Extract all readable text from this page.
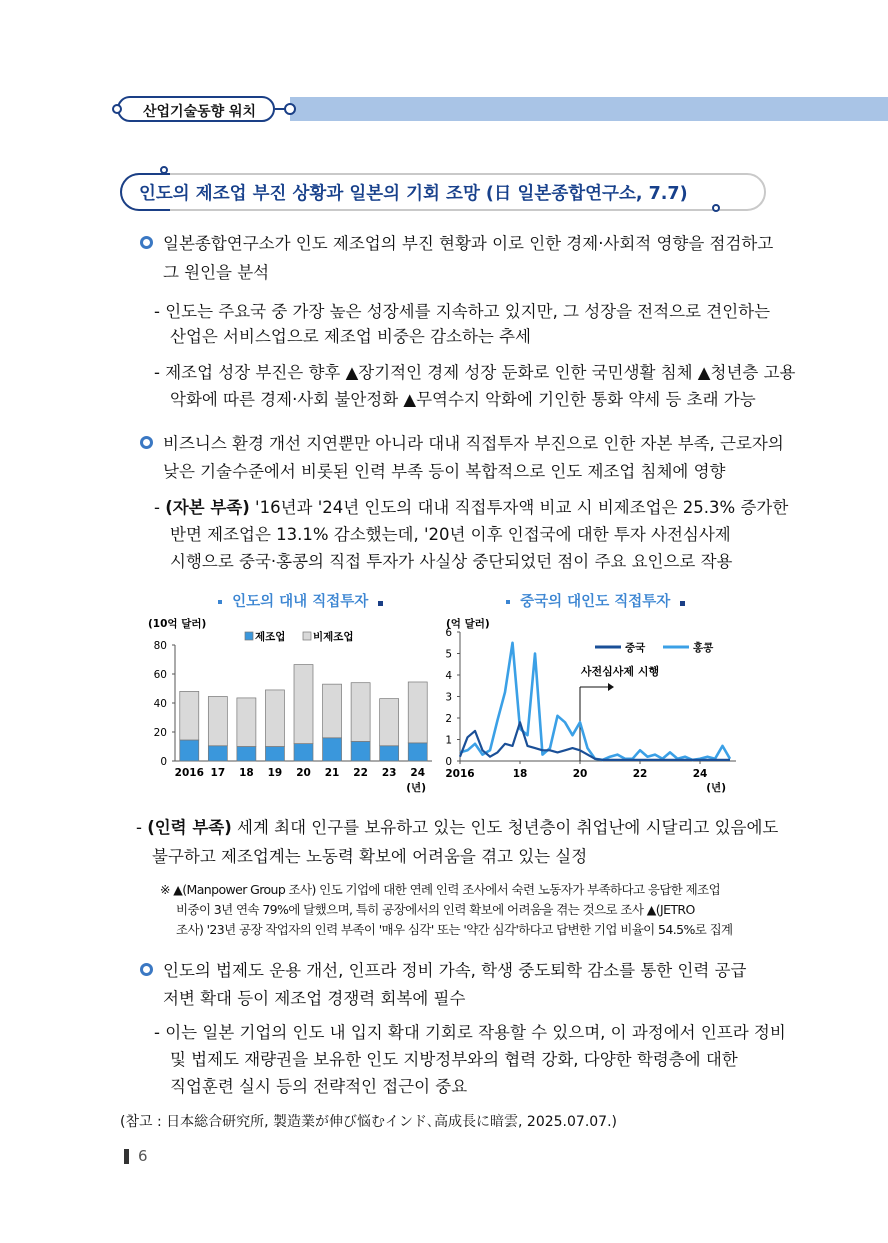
산업기술동향 워치
인도의 제조업 부진 상황과 일본의 기회 조망 (日 일본종합연구소, 7.7)
일본종합연구소가 인도 제조업의 부진 현황과 이로 인한 경제·사회적 영향을 점검하고
그 원인을 분석
- 인도는 주요국 중 가장 높은 성장세를 지속하고 있지만, 그 성장을 전적으로 견인하는
산업은 서비스업으로 제조업 비중은 감소하는 추세
- 제조업 성장 부진은 향후 ▲장기적인 경제 성장 둔화로 인한 국민생활 침체 ▲청년층 고용
악화에 따른 경제·사회 불안정화 ▲무역수지 악화에 기인한 통화 약세 등 초래 가능
비즈니스 환경 개선 지연뿐만 아니라 대내 직접투자 부진으로 인한 자본 부족, 근로자의
낮은 기술수준에서 비롯된 인력 부족 등이 복합적으로 인도 제조업 침체에 영향
- (자본 부족) '16년과 '24년 인도의 대내 직접투자액 비교 시 비제조업은 25.3% 증가한
반면 제조업은 13.1% 감소했는데, '20년 이후 인접국에 대한 투자 사전심사제
시행으로 중국·홍콩의 직접 투자가 사실상 중단되었던 점이 주요 요인으로 작용
인도의 대내 직접투자	중국의 대인도 직접투자
(10억 달러)
0
20
40
60
80
2016 17 18 19 20 21 22 23 24
(년)
제조업	비제조업
(억 달러)
0
1
2
3
4
5
6
2016	18	20	22	24
(년)
사전심사제 시행
중국	홍콩
- (인력 부족) 세계 최대 인구를 보유하고 있는 인도 청년층이 취업난에 시달리고 있음에도
불구하고 제조업계는 노동력 확보에 어려움을 겪고 있는 실정
※ ▲(Manpower Group 조사) 인도 기업에 대한 연례 인력 조사에서 숙련 노동자가 부족하다고 응답한 제조업
비중이 3년 연속 79%에 달했으며, 특히 공장에서의 인력 확보에 어려움을 겪는 것으로 조사 ▲(JETRO
조사) '23년 공장 작업자의 인력 부족이 '매우 심각' 또는 '약간 심각'하다고 답변한 기업 비율이 54.5%로 집계
인도의 법제도 운용 개선, 인프라 정비 가속, 학생 중도퇴학 감소를 통한 인력 공급
저변 확대 등이 제조업 경쟁력 회복에 필수
- 이는 일본 기업의 인도 내 입지 확대 기회로 작용할 수 있으며, 이 과정에서 인프라 정비
및 법제도 재량권을 보유한 인도 지방정부와의 협력 강화, 다양한 학령층에 대한
직업훈련 실시 등의 전략적인 접근이 중요
(참고 : 日本総合研究所, 製造業が伸び悩むインド､高成長に暗雲, 2025.07.07.)
6
